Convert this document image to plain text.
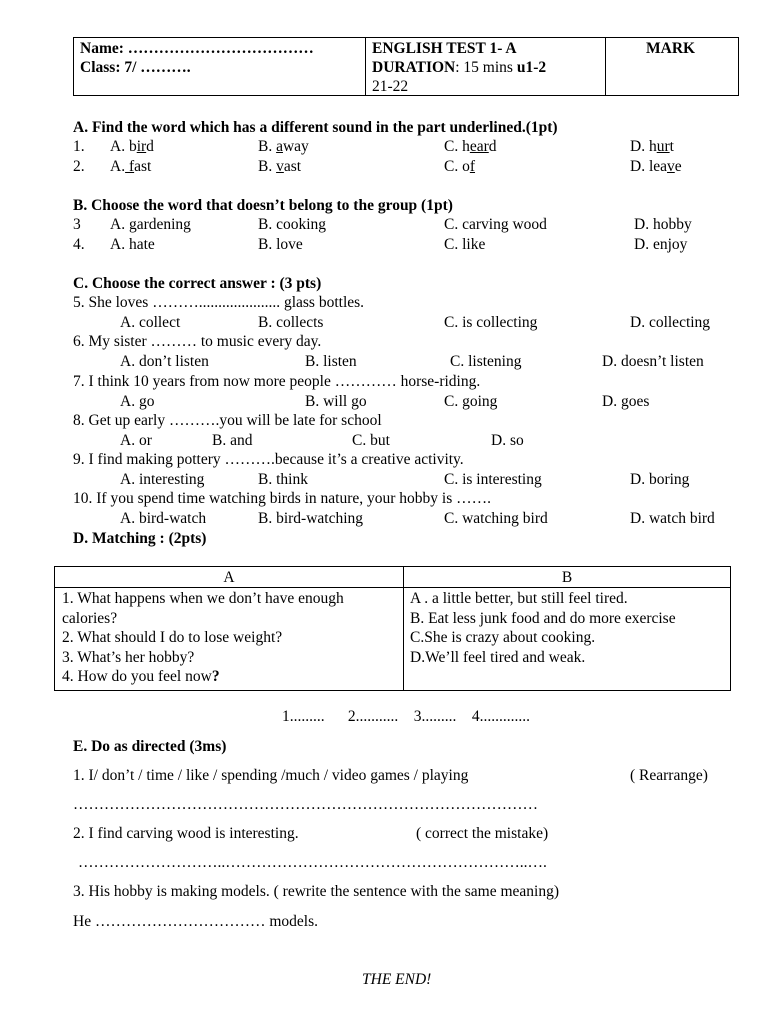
Name: ………………………………
Class: 7/ ……….
ENGLISH TEST 1- A
DURATION: 15 mins u1-2
21-22
MARK
A. Find the word which has a different sound in the part underlined.(1pt)
1. A. bird	B. away	C. heard	D. hurt
2. A. fast	B. vast	C. of	D. leave
B. Choose the word that doesn’t belong to the group (1pt)
3 A. gardening	B. cooking	C. carving wood	D. hobby
4. A. hate	B. love	C. like	D. enjoy
C. Choose the correct answer : (3 pts)
5. She loves ………..................... glass bottles.
A. collect	B. collects	C. is collecting	D. collecting
6. My sister ……… to music every day.
A. don’t listen	B. listen	C. listening	D. doesn’t listen
7. I think 10 years from now more people ………… horse-riding.
A. go	B. will go	C. going	D. goes
8. Get up early ……….you will be late for school
A. or	B. and	C. but	D. so
9. I find making pottery ……….because it’s a creative activity.
A. interesting	B. think	C. is interesting	D. boring
10. If you spend time watching birds in nature, your hobby is …….
A. bird-watch	B. bird-watching	C. watching bird	D. watch bird
D. Matching : (2pts)
A	B
1. What happens when we don’t have enough calories?
2. What should I do to lose weight?
3. What’s her hobby?
4. How do you feel now?
A . a little better, but still feel tired.
B. Eat less junk food and do more exercise
C.She is crazy about cooking.
D.We’ll feel tired and weak.
1.........      2...........    3.........    4.............
E. Do as directed (3ms)
1. I/ don’t / time / like / spending /much / video games / playing	( Rearrange)
………………………………………………………………………………
2. I find carving wood is interesting.	( correct the mistake)
………………………..…………………………………………………..….
3. His hobby is making models. ( rewrite the sentence with the same meaning)
He …………………………… models.
THE END!
